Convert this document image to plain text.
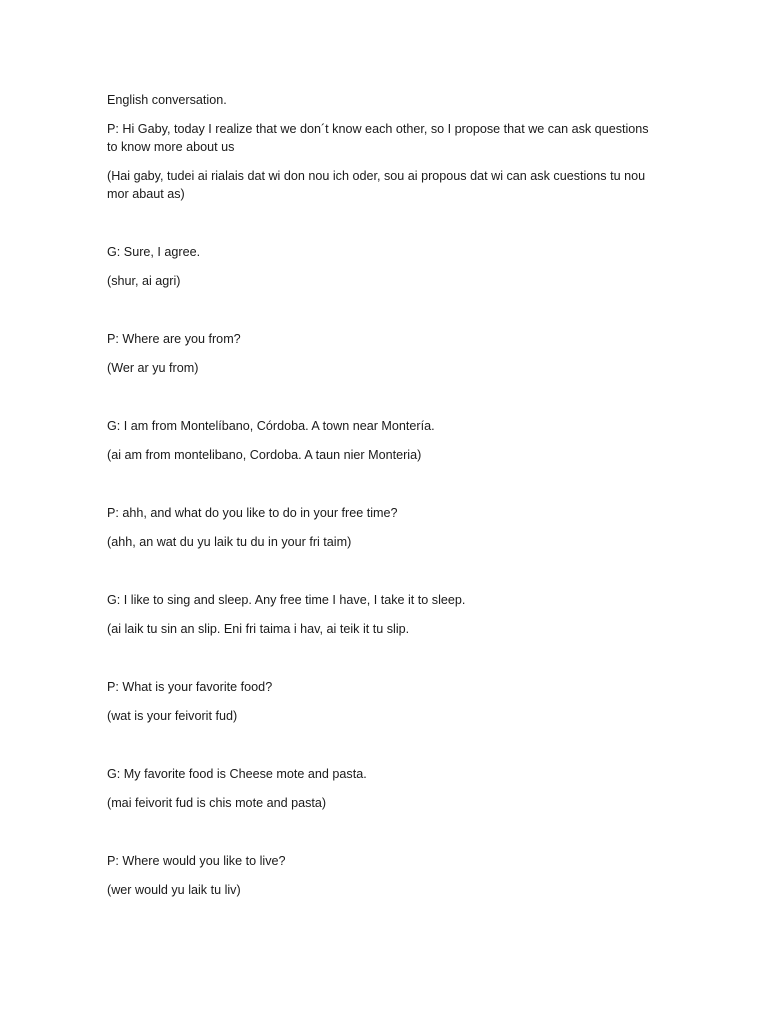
English conversation.

P: Hi Gaby, today I realize that we don´t know each other, so I propose that we can ask questions to know more about us

(Hai gaby, tudei ai rialais dat wi don nou ich oder, sou ai propous dat wi can ask cuestions tu nou mor abaut as)

G: Sure, I agree.

(shur, ai agri)

P: Where are you from?

(Wer ar yu from)

G: I am from Montelíbano, Córdoba. A town near Montería.

(ai am from montelibano, Cordoba. A taun nier Monteria)

P: ahh, and what do you like to do in your free time?

(ahh, an wat du yu laik tu du in your fri taim)

G: I like to sing and sleep. Any free time I have, I take it to sleep.

(ai laik tu sin an slip. Eni fri taima i hav, ai teik it tu slip.

P: What is your favorite food?

(wat is your feivorit fud)

G: My favorite food is Cheese mote and pasta.

(mai feivorit fud is chis mote and pasta)

P: Where would you like to live?

(wer would yu laik tu liv)
